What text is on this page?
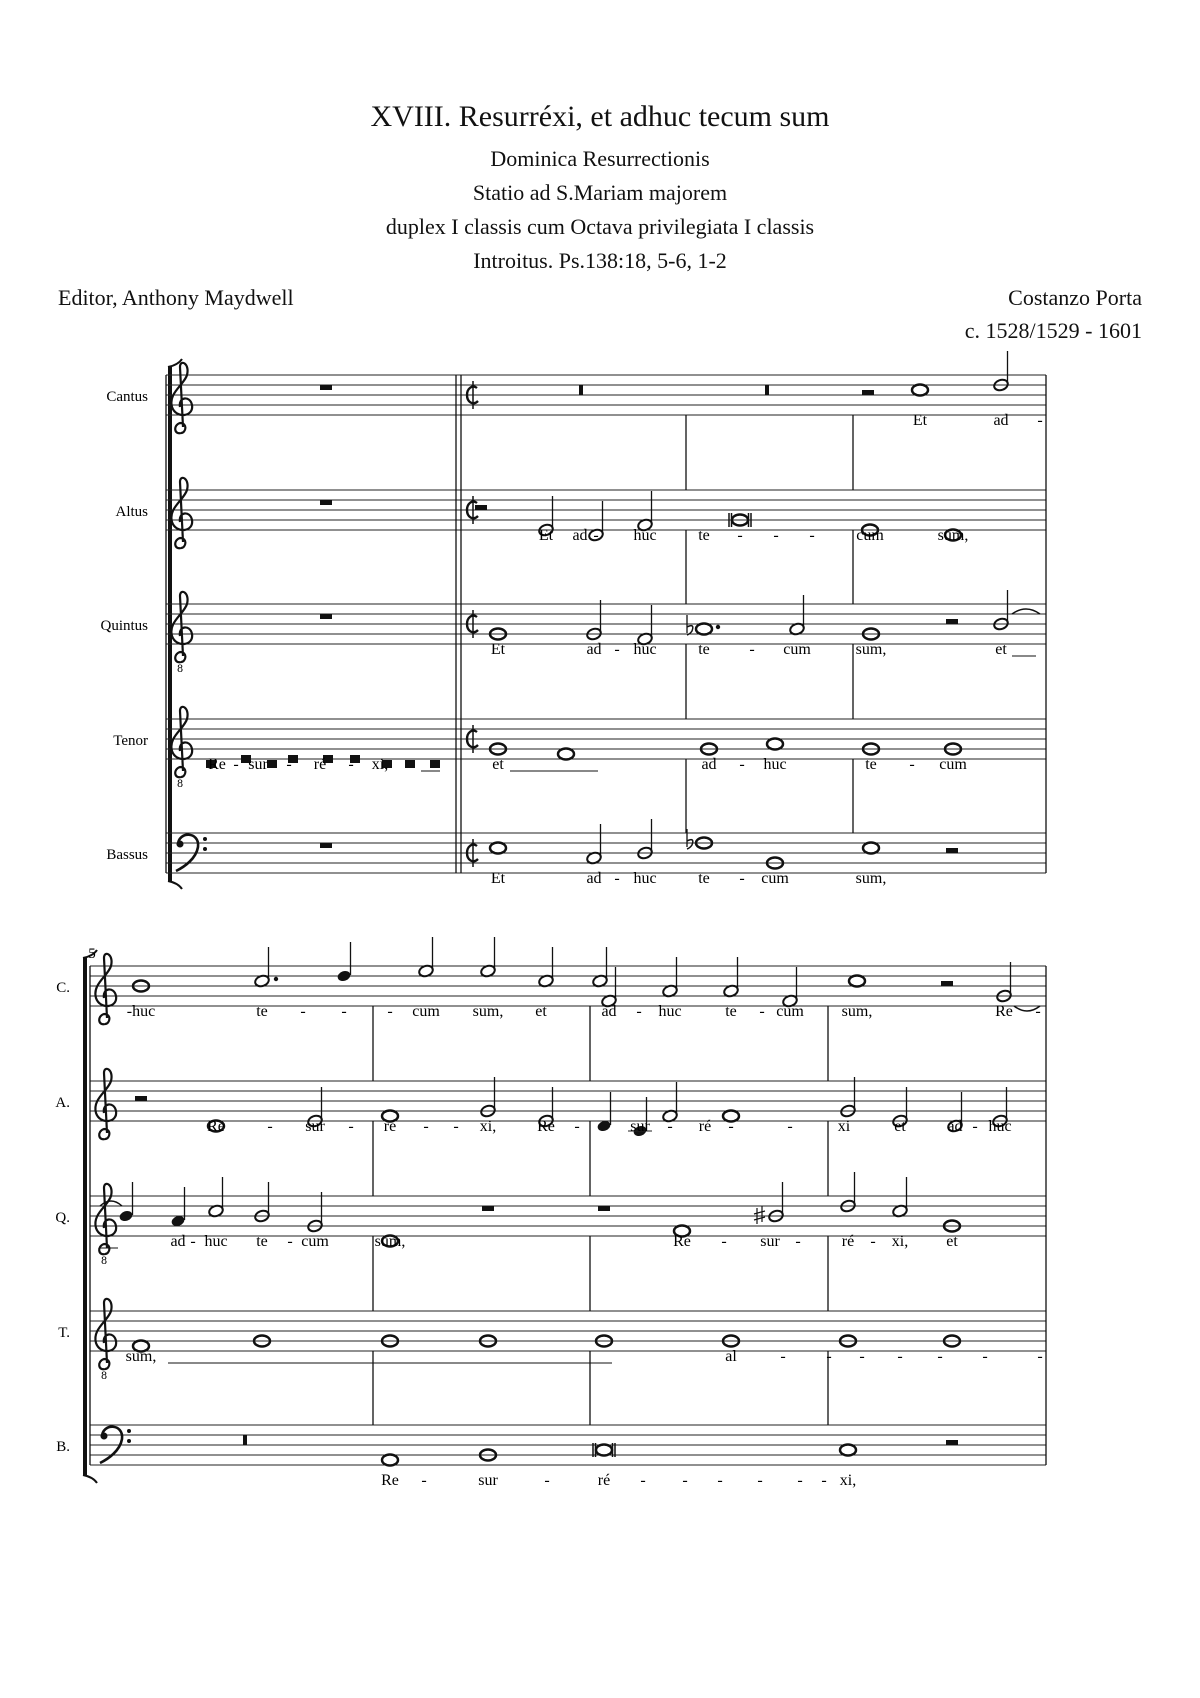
XVIII. Resurréxi, et adhuc tecum sum
Dominica Resurrectionis
Statio ad S.Mariam majorem
duplex I classis cum Octava privilegiata I classis
Introitus. Ps.138:18, 5-6, 1-2
Editor, Anthony Maydwell	Costanzo Porta
c. 1528/1529 - 1601
Cantus
Altus
Quintus
8
Tenor
8
Bassus
Et	ad -
Et ad - huc	te - - -	cum	sum,
Et	ad - huc	te - cum	sum,	et
Re - sur - ré - xi,	et	ad - huc	te - cum
Et	ad - huc	te - cum	sum,
5
C.
A.
Q.
8
T.
8
B.
-huc	te - -	- cum sum, et	ad - huc	te - cum sum,	Re -
Re	- sur - ré - - xi,	Re -	sur - ré -	-	xi	et	ad - huc
ad - huc te - cum	sum,	Re - sur -	ré - xi, et
sum,	al	-	- - - - -	-
Re -	sur	-	ré - - - - - - xi,
